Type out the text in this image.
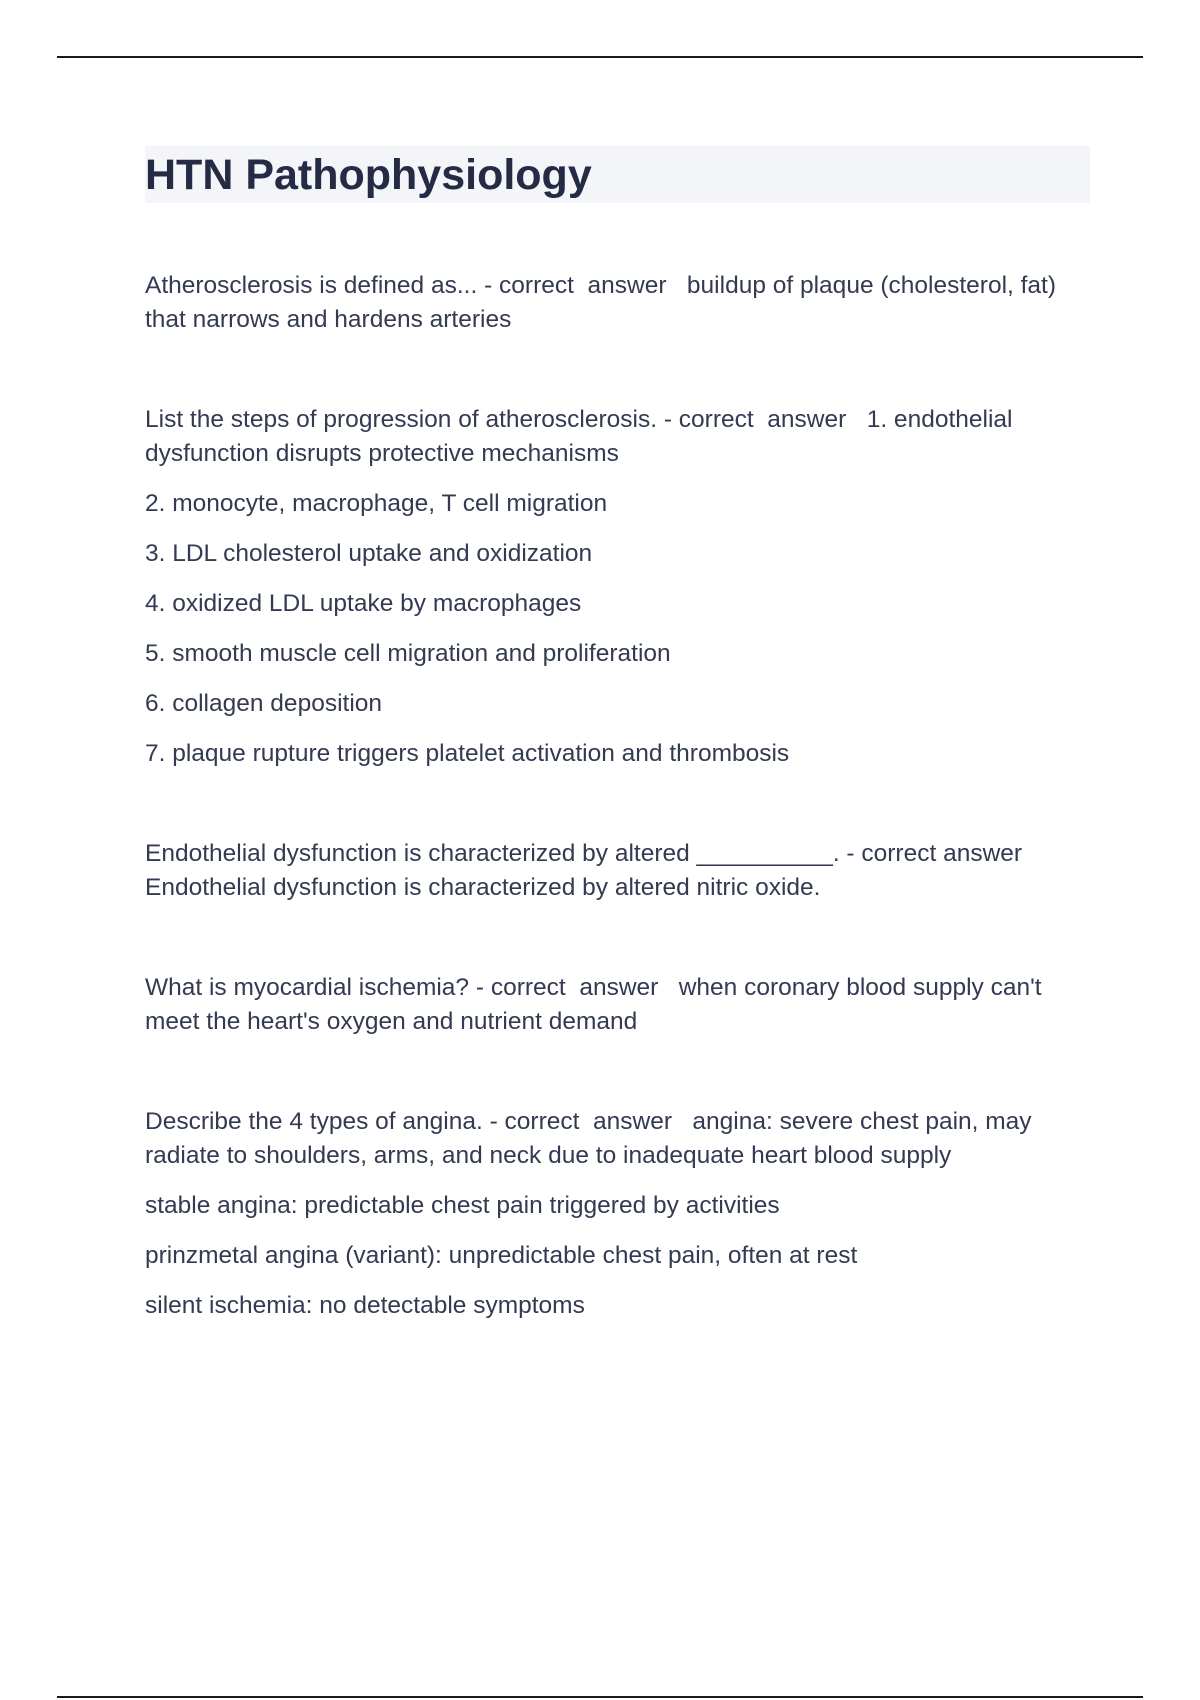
HTN Pathophysiology

Atherosclerosis is defined as... - correct  answer   buildup of plaque (cholesterol, fat) that narrows and hardens arteries

List the steps of progression of atherosclerosis. - correct  answer   1. endothelial dysfunction disrupts protective mechanisms

2. monocyte, macrophage, T cell migration

3. LDL cholesterol uptake and oxidization

4. oxidized LDL uptake by macrophages

5. smooth muscle cell migration and proliferation

6. collagen deposition

7. plaque rupture triggers platelet activation and thrombosis

Endothelial dysfunction is characterized by altered __________. - correct answer   Endothelial dysfunction is characterized by altered nitric oxide.

What is myocardial ischemia? - correct  answer   when coronary blood supply can't meet the heart's oxygen and nutrient demand

Describe the 4 types of angina. - correct  answer   angina: severe chest pain, may radiate to shoulders, arms, and neck due to inadequate heart blood supply

stable angina: predictable chest pain triggered by activities

prinzmetal angina (variant): unpredictable chest pain, often at rest

silent ischemia: no detectable symptoms
